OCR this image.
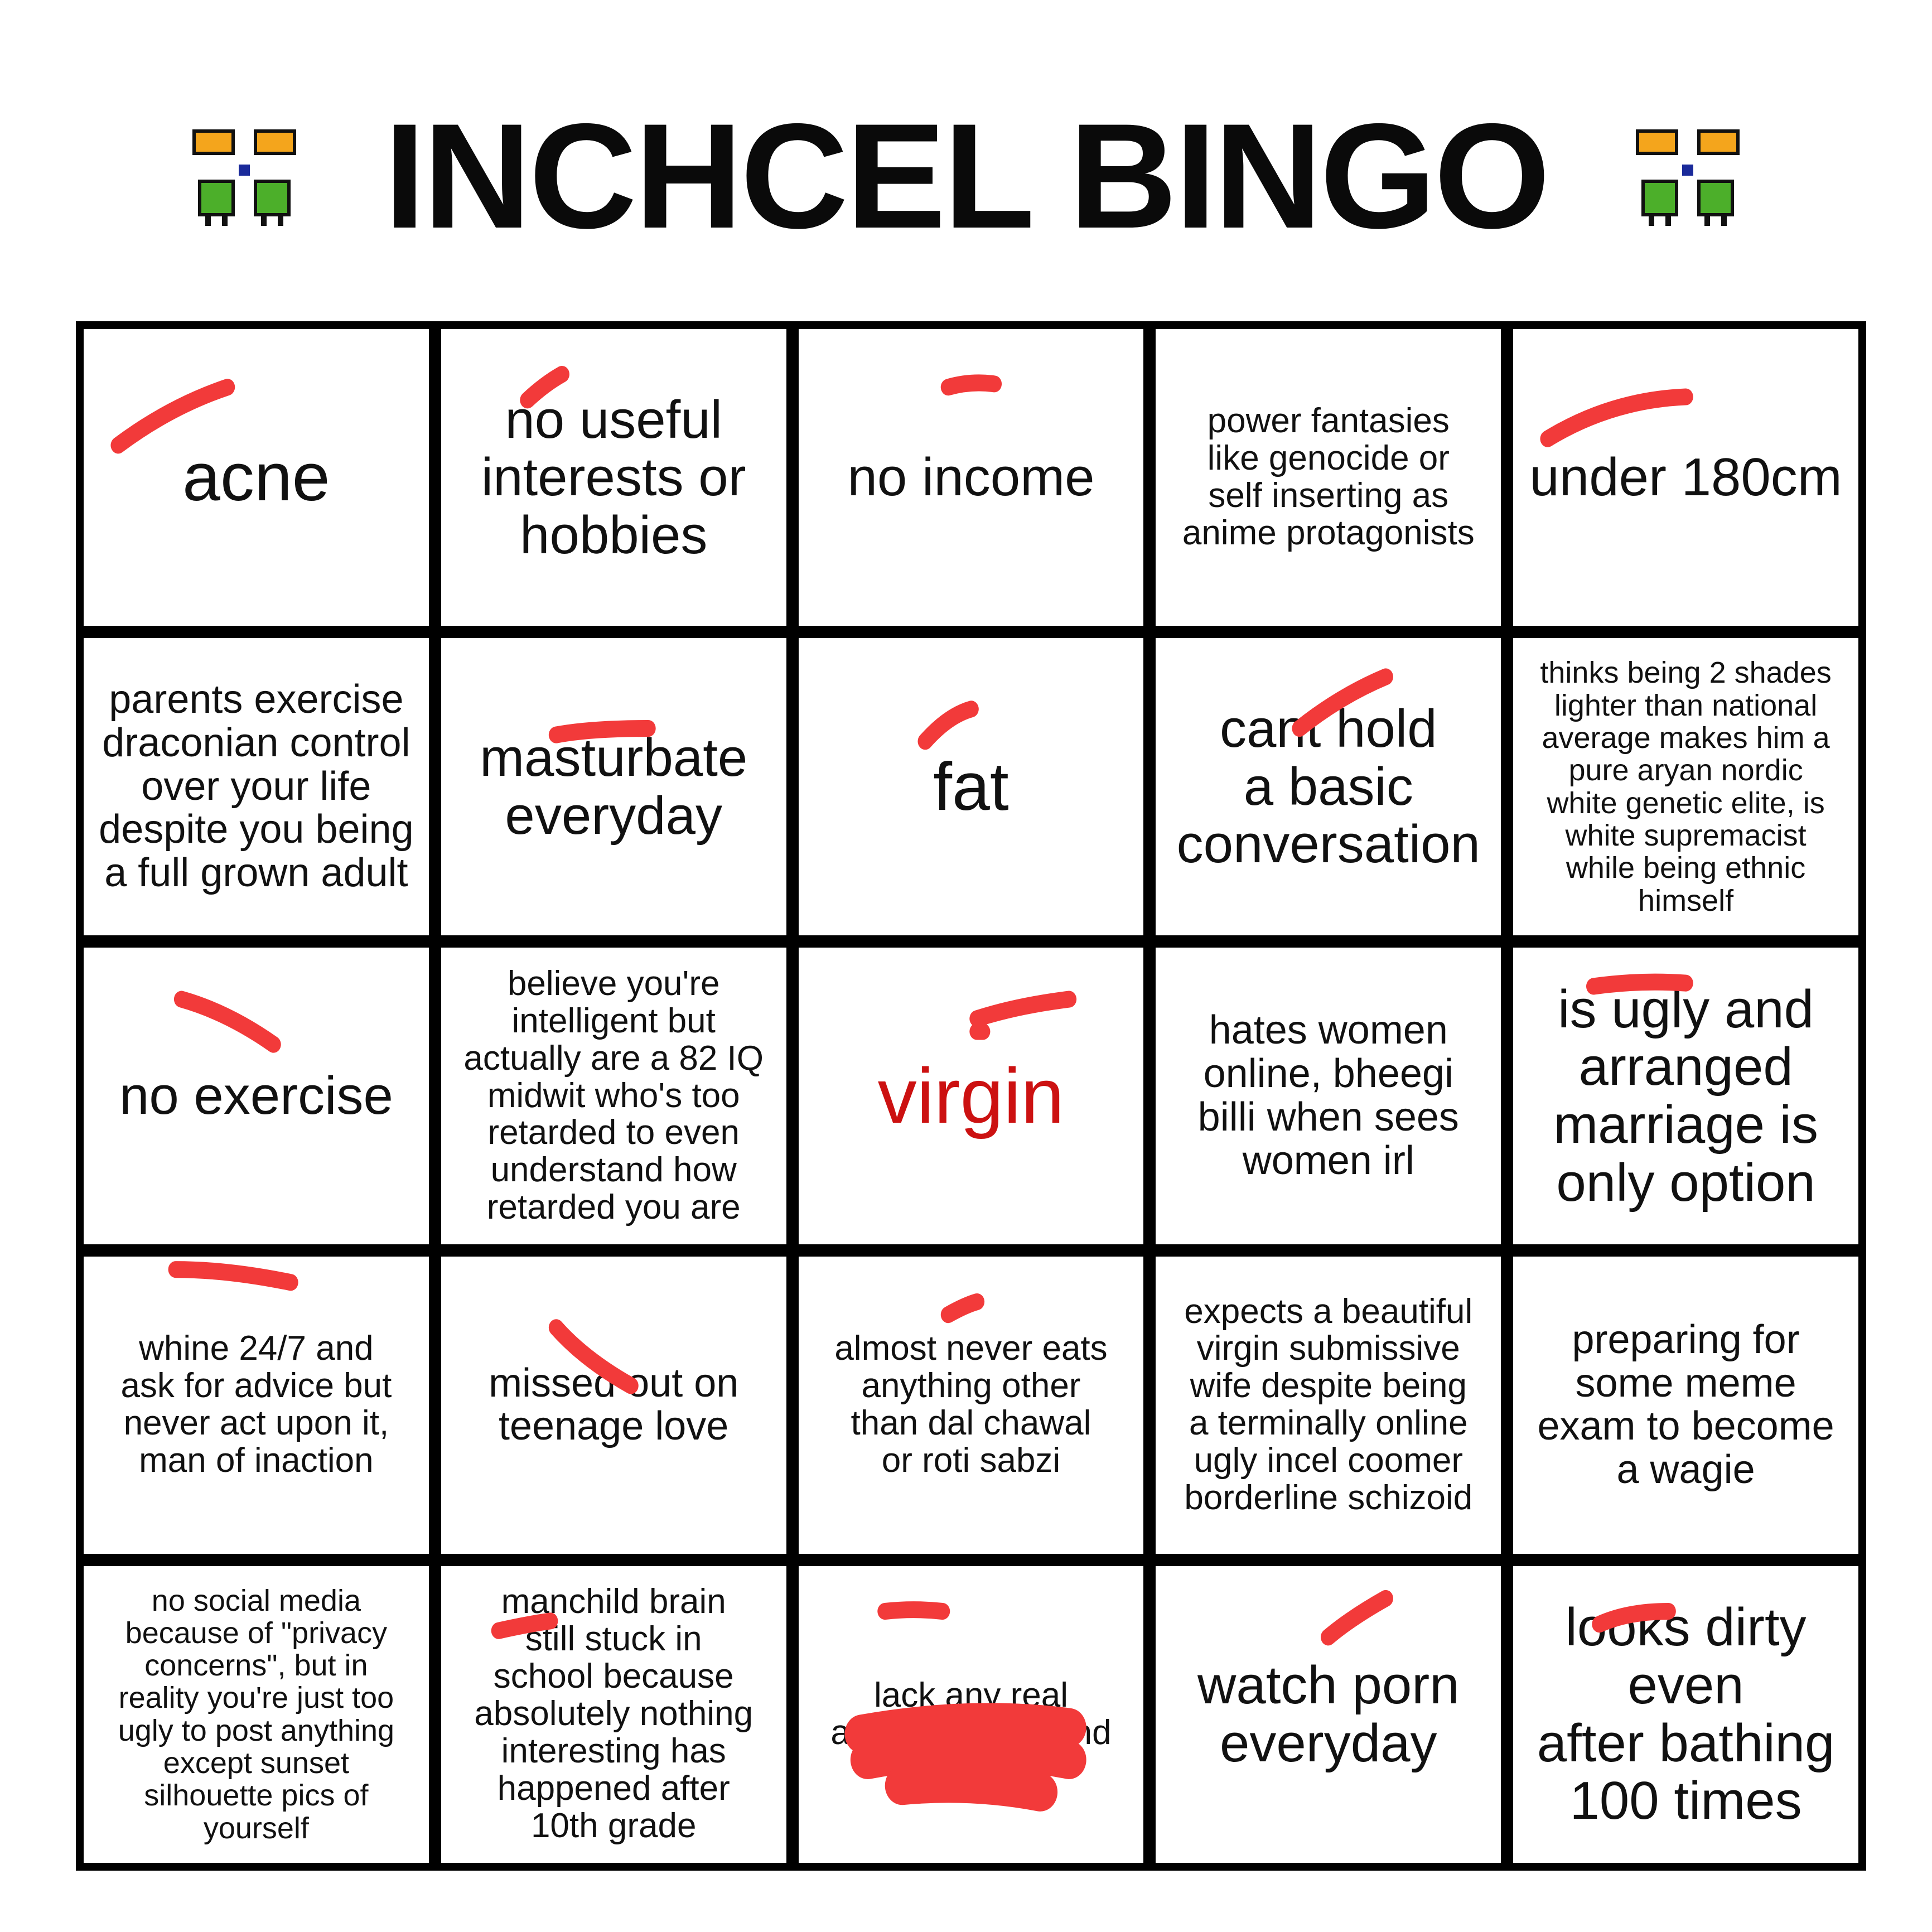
INCHCEL BINGO
acne
no useful
interests or
hobbies
no income
power fantasies
like genocide or
self inserting as
anime protagonists
under 180cm
parents exercise
draconian control
over your life
despite you being
a full grown adult
masturbate
everyday	fat
cant hold
a basic
conversation
thinks being 2 shades
lighter than national
average makes him a
pure aryan nordic
white genetic elite, is
white supremacist
while being ethnic
himself
no exercise
believe you're
intelligent but
actually are a 82 IQ
midwit who's too
retarded to even
understand how
retarded you are
virgin
hates women
online, bheegi
billi when sees
women irl
is ugly and
arranged
marriage is
only option
whine 24/7 and
ask for advice but
never act upon it,
man of inaction
missed out on
teenage love
almost never eats
anything other
than dal chawal
or roti sabzi
expects a beautiful
virgin submissive
wife despite being
a terminally online
ugly incel coomer
borderline schizoid
preparing for
some meme
exam to become
a wagie
no social media
because of "privacy
concerns", but in
reality you're just too
ugly to post anything
except sunset
silhouette pics of
yourself
manchild brain
still stuck in
school because
absolutely nothing
interesting has
happened after
10th grade
lack any real
achievements and
watch porn
everyday
looks dirty even
after bathing
100 times
